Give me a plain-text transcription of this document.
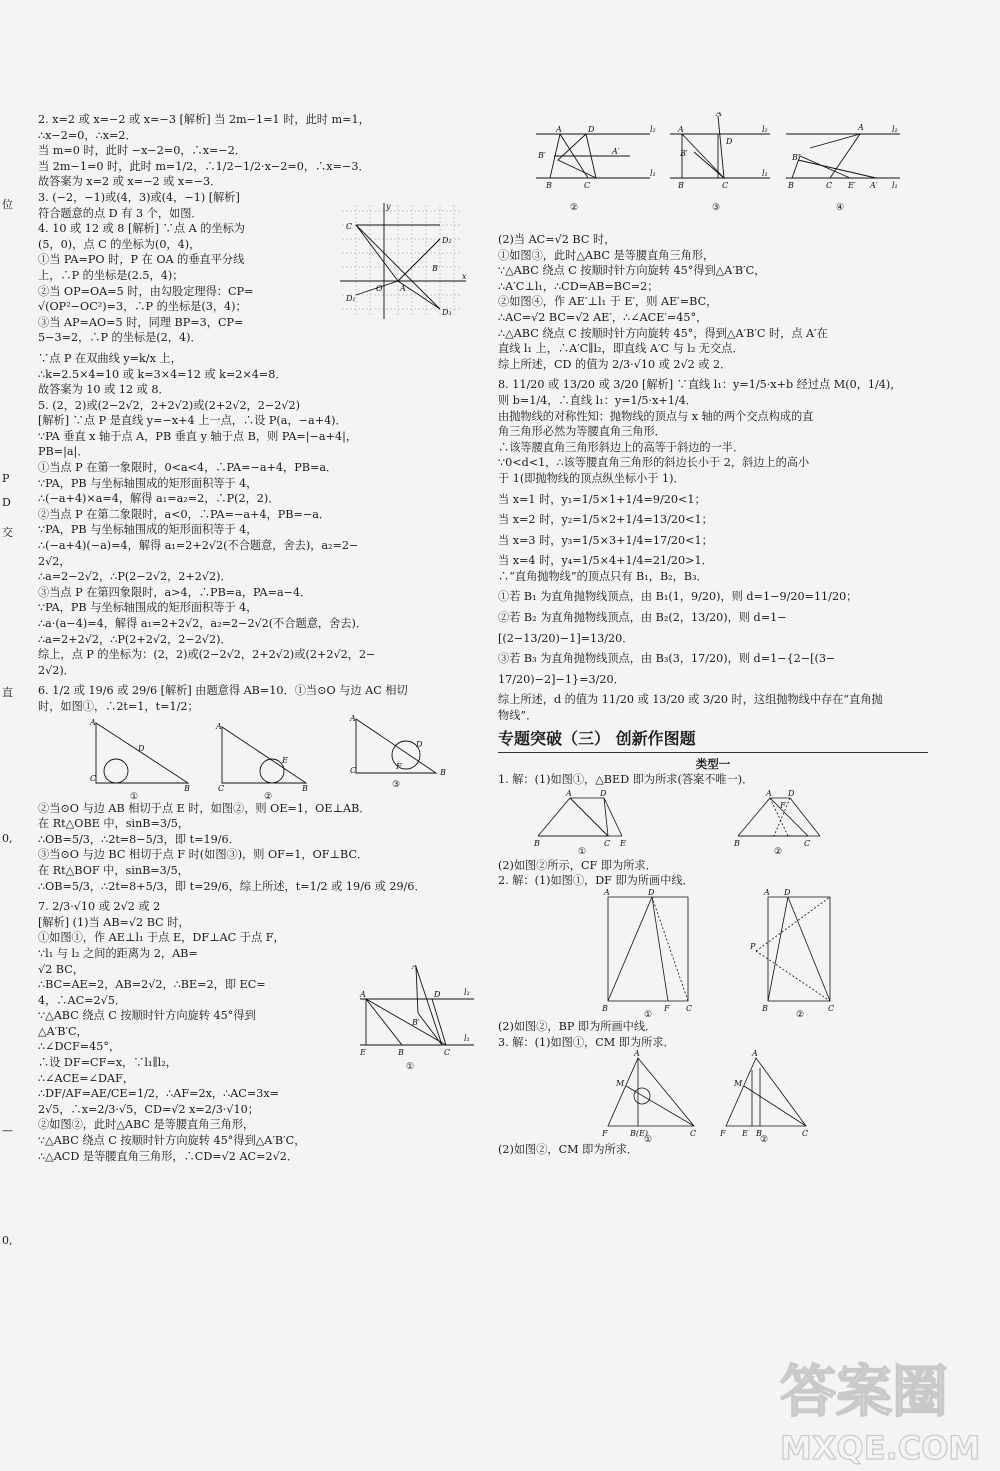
位
P
D
交
直
0,
—
0,
2. x=2 或 x=−2 或 x=−3 [解析] 当 2m−1=1 时，此时 m=1，
∴x−2=0，∴x=2．
当 m=0 时，此时 −x−2=0，∴x=−2．
当 2m−1=0 时，此时 m=1/2，∴1/2−1/2·x−2=0，∴x=−3．
故答案为 x=2 或 x=−2 或 x=−3．
3. (−2，−1)或(4，3)或(4，−1) [解析]
符合题意的点 D 有 3 个，如图．
C
D₂
A
O
D₁
D₃
x
y
B
4. 10 或 12 或 8 [解析] ∵点 A 的坐标为
(5，0)，点 C 的坐标为(0，4)，
①当 PA=PO 时，P 在 OA 的垂直平分线
上，∴P 的坐标是(2.5，4)；
②当 OP=OA=5 时，由勾股定理得：CP=
√(OP²−OC²)=3，∴P 的坐标是(3，4)；
③当 AP=AO=5 时，同理 BP=3，CP=
5−3=2，∴P 的坐标是(2，4)．
∵点 P 在双曲线 y=k/x 上，
∴k=2.5×4=10 或 k=3×4=12 或 k=2×4=8．
故答案为 10 或 12 或 8．
5. (2，2)或(2−2√2，2+2√2)或(2+2√2，2−2√2)
[解析] ∵点 P 是直线 y=−x+4 上一点，∴设 P(a，−a+4)．
∵PA 垂直 x 轴于点 A，PB 垂直 y 轴于点 B，则 PA=|−a+4|，
PB=|a|．
①当点 P 在第一象限时，0<a<4，∴PA=−a+4，PB=a．
∵PA，PB 与坐标轴围成的矩形面积等于 4，
∴(−a+4)×a=4，解得 a₁=a₂=2，∴P(2，2)．
②当点 P 在第二象限时，a<0，∴PA=−a+4，PB=−a．
∵PA，PB 与坐标轴围成的矩形面积等于 4，
∴(−a+4)(−a)=4，解得 a₁=2+2√2(不合题意，舍去)，a₂=2−
2√2，
∴a=2−2√2，∴P(2−2√2，2+2√2)．
③当点 P 在第四象限时，a>4，∴PB=a，PA=a−4．
∵PA，PB 与坐标轴围成的矩形面积等于 4，
∴a·(a−4)=4，解得 a₁=2+2√2，a₂=2−2√2(不合题意，舍去)．
∴a=2+2√2，∴P(2+2√2，2−2√2)．
综上，点 P 的坐标为：(2，2)或(2−2√2，2+2√2)或(2+2√2，2−
2√2)．
6. 1/2 或 19/6 或 29/6 [解析] 由题意得 AB=10．①当⊙O 与边 AC 相切
时，如图①，∴2t=1，t=1/2；
A
D
C
B
A
E
C	B
A
D
C	B
F
①	②
③
②当⊙O 与边 AB 相切于点 E 时，如图②，则 OE=1，OE⊥AB．
在 Rt△OBE 中，sinB=3/5，
∴OB=5/3，∴2t=8−5/3，即 t=19/6．
③当⊙O 与边 BC 相切于点 F 时(如图③)，则 OF=1，OF⊥BC．
在 Rt△BOF 中，sinB=3/5，
∴OB=5/3，∴2t=8+5/3，即 t=29/6，综上所述，t=1/2 或 19/6 或 29/6．
7. 2/3·√10 或 2√2 或 2
A′
A	D	l₂
l₁
E	B	C
B′
①
[解析] (1)当 AB=√2 BC 时，
①如图①，作 AE⊥l₁ 于点 E，DF⊥AC 于点 F，
∵l₁ 与 l₂ 之间的距离为 2，AB=
√2 BC，
∴BC=AE=2，AB=2√2，∴BE=2，即 EC=
4，∴AC=2√5．
∵△ABC 绕点 C 按顺时针方向旋转 45°得到
△A′B′C，
∴∠DCF=45°，
∴设 DF=CF=x，∵l₁∥l₂，
∴∠ACE=∠DAF，
∴DF/AF=AE/CE=1/2，∴AF=2x，∴AC=3x=
2√5，∴x=2/3·√5，CD=√2 x=2/3·√10；
②如图②，此时△ABC 是等腰直角三角形，
∵△ABC 绕点 C 按顺时针方向旋转 45°得到△A′B′C，
∴△ACD 是等腰直角三角形，∴CD=√2 AC=2√2．
A	D
B′	A′
B	C
l₂
l₁
A
A′
D
B′
B	C
l₂
l₁
B″
B	C E′ A′
A	l₂
l₁
②	③	④
(2)当 AC=√2 BC 时，
①如图③，此时△ABC 是等腰直角三角形，
∵△ABC 绕点 C 按顺时针方向旋转 45°得到△A′B′C，
∴A′C⊥l₁，∴CD=AB=BC=2；
②如图④，作 AE′⊥l₁ 于 E′，则 AE′=BC，
∴AC=√2 BC=√2 AE′，∴∠ACE′=45°，
∴△ABC 绕点 C 按顺时针方向旋转 45°，得到△A′B′C 时，点 A′在
直线 l₁ 上，∴A′C∥l₂，即直线 A′C 与 l₂ 无交点．
综上所述，CD 的值为 2/3·√10 或 2√2 或 2．
8. 11/20 或 13/20 或 3/20 [解析] ∵直线 l₁：y=1/5·x+b 经过点 M(0，1/4)，
则 b=1/4，∴直线 l₁：y=1/5·x+1/4．
由抛物线的对称性知：抛物线的顶点与 x 轴的两个交点构成的直
角三角形必然为等腰直角三角形．
∴该等腰直角三角形斜边上的高等于斜边的一半．
∵0<d<1，∴该等腰直角三角形的斜边长小于 2，斜边上的高小
于 1(即抛物线的顶点纵坐标小于 1)．
当 x=1 时，y₁=1/5×1+1/4=9/20<1；
当 x=2 时，y₂=1/5×2+1/4=13/20<1；
当 x=3 时，y₃=1/5×3+1/4=17/20<1；
当 x=4 时，y₄=1/5×4+1/4=21/20>1．
∴“直角抛物线”的顶点只有 B₁，B₂，B₃．
①若 B₁ 为直角抛物线顶点，由 B₁(1，9/20)，则 d=1−9/20=11/20；
②若 B₂ 为直角抛物线顶点，由 B₂(2，13/20)，则 d=1−
[(2−13/20)−1]=13/20．
③若 B₃ 为直角抛物线顶点，由 B₃(3，17/20)，则 d=1−{2−[(3−
17/20)−2]−1}=3/20．
综上所述，d 的值为 11/20 或 13/20 或 3/20 时，这组抛物线中存在“直角抛
物线”．
专题突破（三） 创新作图题
类型一
1. 解：(1)如图①，△BED 即为所求(答案不唯一)．
A	D
B	C E
A D
B	C
F
①	②
(2)如图②所示，CF 即为所求．
2. 解：(1)如图①，DF 即为所画中线．
A	D
B	F C
A D
P
B	C
①	②
(2)如图②，BP 即为所画中线．
3. 解：(1)如图①，CM 即为所求．
A
M
F	B(E)	C
A
M
F E B	C
①	②
(2)如图②，CM 即为所求．
答案圈
MXQE.COM
